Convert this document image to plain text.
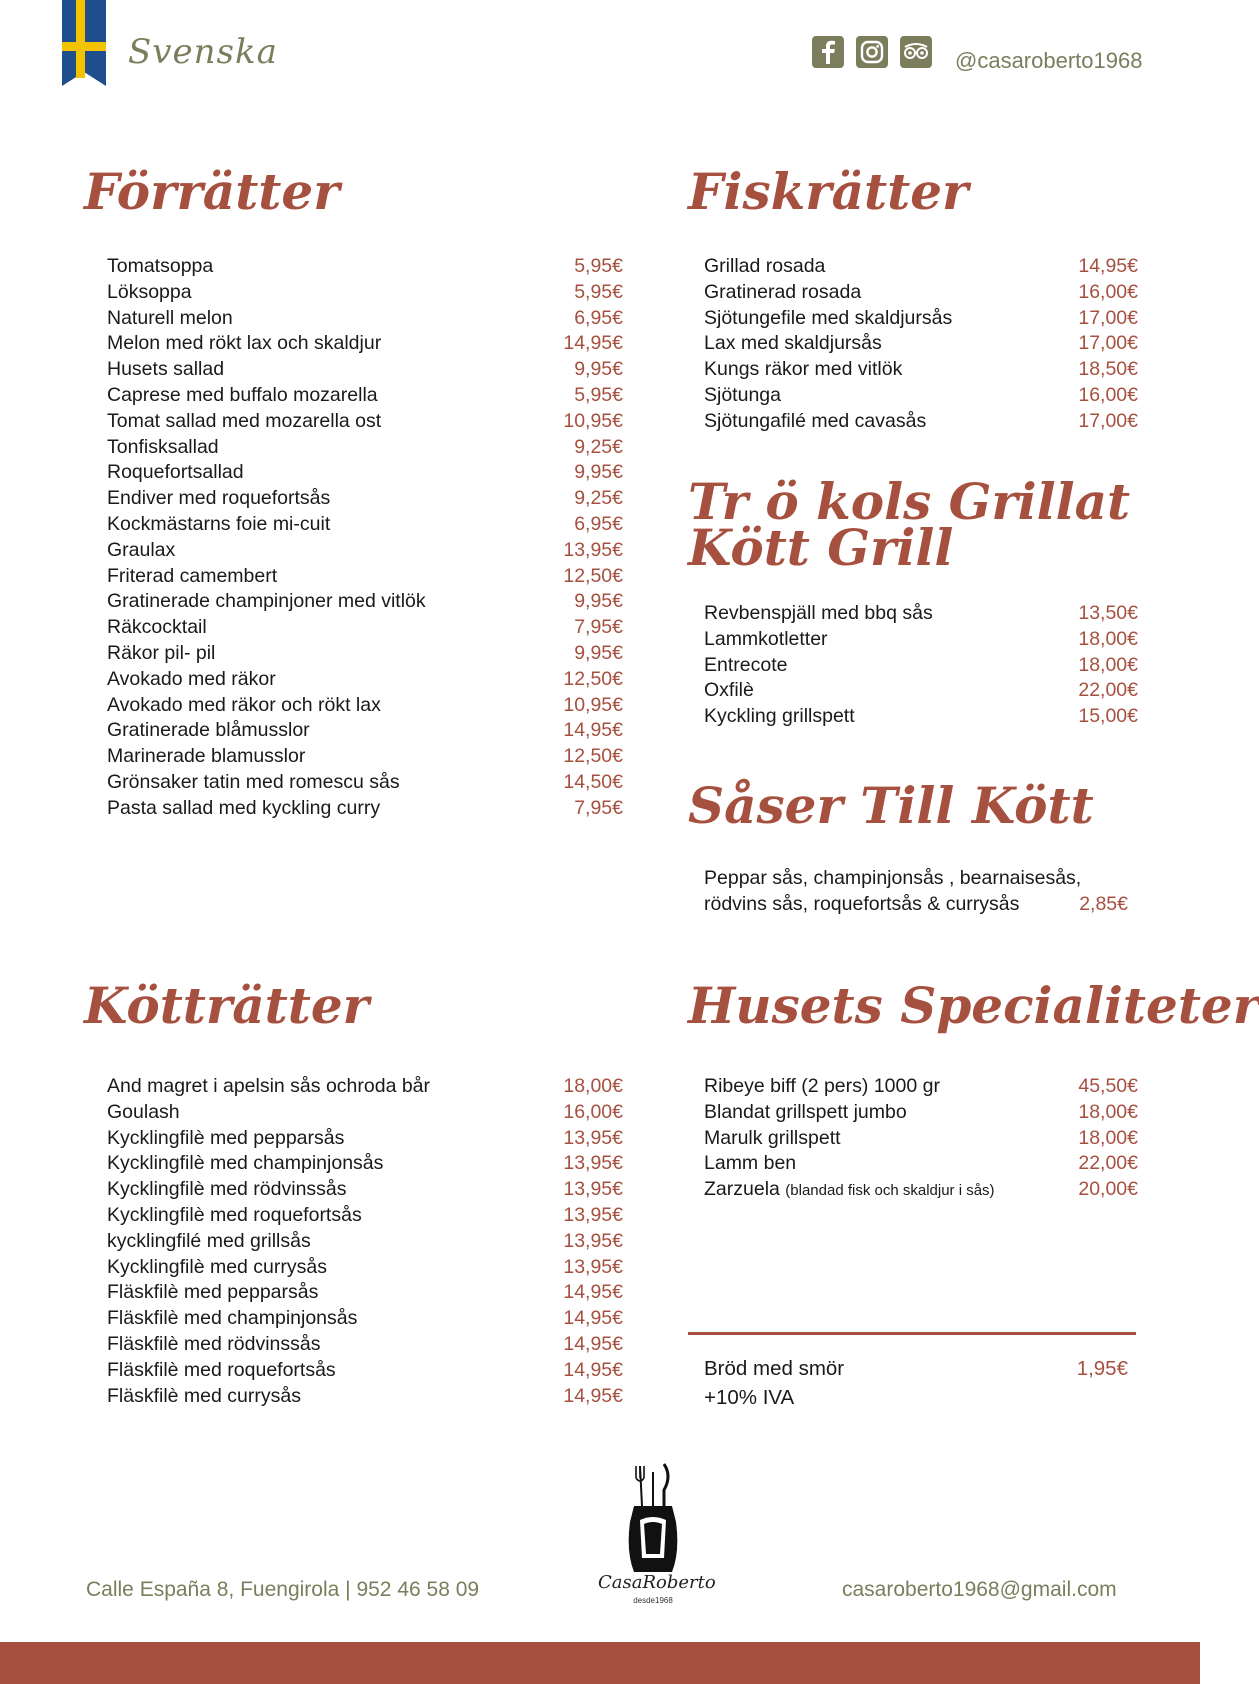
Svenska	@casaroberto1968
Förrätter
Tomatsoppa	5,95€
Löksoppa	5,95€
Naturell melon	6,95€
Melon med rökt lax och skaldjur	14,95€
Husets sallad	9,95€
Caprese med buffalo mozarella	5,95€
Tomat sallad med mozarella ost	10,95€
Tonfisksallad	9,25€
Roquefortsallad	9,95€
Endiver med roquefortsås	9,25€
Kockmästarns foie mi-cuit	6,95€
Graulax	13,95€
Friterad camembert	12,50€
Gratinerade champinjoner med vitlök	9,95€
Räkcocktail	7,95€
Räkor pil- pil	9,95€
Avokado med räkor	12,50€
Avokado med räkor och rökt lax	10,95€
Gratinerade blåmusslor	14,95€
Marinerade blamusslor	12,50€
Grönsaker tatin med romescu sås	14,50€
Pasta sallad med kyckling curry	7,95€
Fiskrätter
Grillad rosada	14,95€
Gratinerad rosada	16,00€
Sjötungefile med skaldjursås	17,00€
Lax med skaldjursås	17,00€
Kungs räkor med vitlök	18,50€
Sjötunga	16,00€
Sjötungafilé med cavasås	17,00€
Tr ö kols Grillat
Kött Grill
Revbenspjäll med bbq sås	13,50€
Lammkotletter	18,00€
Entrecote	18,00€
Oxfilè	22,00€
Kyckling grillspett	15,00€
Såser Till Kött
Peppar sås, champinjonsås , bearnaisesås,
rödvins sås, roquefortsås & currysås	2,85€
Kötträtter
And magret i apelsin sås ochroda bår	18,00€
Goulash	16,00€
Kycklingfilè med pepparsås	13,95€
Kycklingfilè med champinjonsås	13,95€
Kycklingfilè med rödvinssås	13,95€
Kycklingfilè med roquefortsås	13,95€
kycklingfilé med grillsås	13,95€
Kycklingfilè med currysås	13,95€
Fläskfilè med pepparsås	14,95€
Fläskfilè med champinjonsås	14,95€
Fläskfilè med rödvinssås	14,95€
Fläskfilè med roquefortsås	14,95€
Fläskfilè med currysås	14,95€
Husets Specialiteter
Ribeye biff (2 pers) 1000 gr	45,50€
Blandat grillspett jumbo	18,00€
Marulk grillspett	18,00€
Lamm ben	22,00€
Zarzuela (blandad fisk och skaldjur i sås)	20,00€
Bröd med smör	1,95€
+10% IVA
Calle España 8, Fuengirola | 952 46 58 09	casaroberto1968@gmail.com
CasaRoberto
desde1968
